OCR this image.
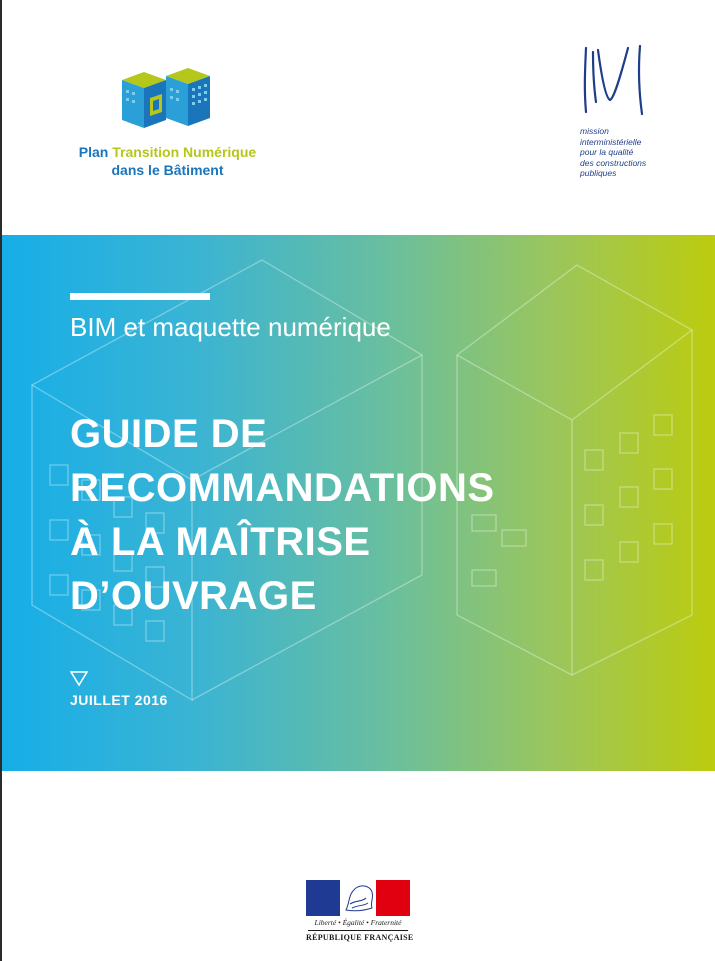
Plan Transition Numérique
dans le Bâtiment
mission
interministérielle
pour la qualité
des constructions
publiques
BIM et maquette numérique
GUIDE DE
RECOMMANDATIONS
À LA MAÎTRISE
D’OUVRAGE
JUILLET 2016
Liberté • Égalité • Fraternité
RÉPUBLIQUE FRANÇAISE
